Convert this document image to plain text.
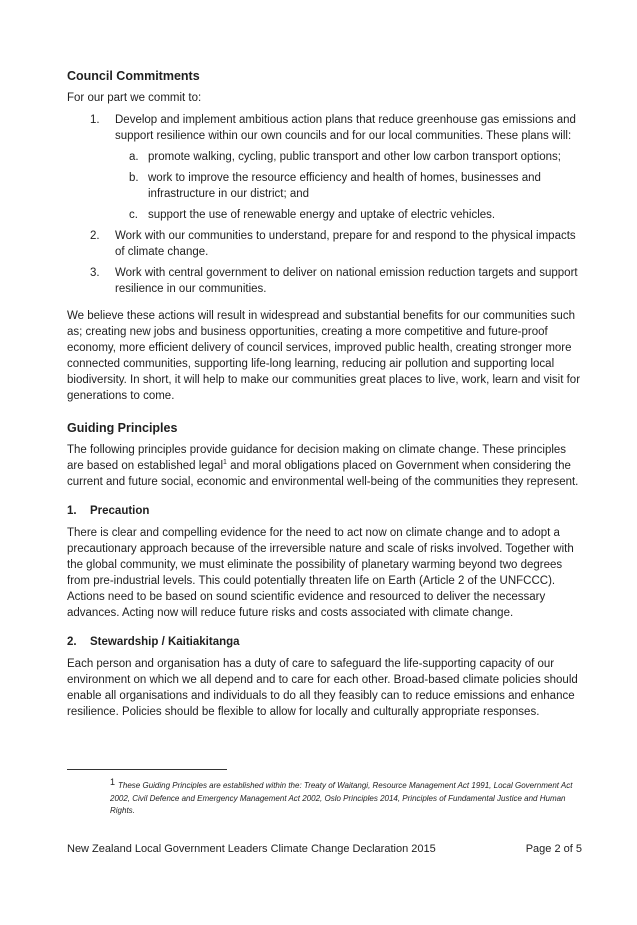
Council Commitments

For our part we commit to:

1. Develop and implement ambitious action plans that reduce greenhouse gas emissions and support resilience within our own councils and for our local communities. These plans will:
a. promote walking, cycling, public transport and other low carbon transport options;
b. work to improve the resource efficiency and health of homes, businesses and infrastructure in our district; and
c. support the use of renewable energy and uptake of electric vehicles.
2. Work with our communities to understand, prepare for and respond to the physical impacts of climate change.
3. Work with central government to deliver on national emission reduction targets and support resilience in our communities.

We believe these actions will result in widespread and substantial benefits for our communities such as; creating new jobs and business opportunities, creating a more competitive and future-proof economy, more efficient delivery of council services, improved public health, creating stronger more connected communities, supporting life-long learning, reducing air pollution and supporting local biodiversity. In short, it will help to make our communities great places to live, work, learn and visit for generations to come.

Guiding Principles

The following principles provide guidance for decision making on climate change. These principles are based on established legal$^1$ and moral obligations placed on Government when considering the current and future social, economic and environmental well-being of the communities they represent.

1.	Precaution

There is clear and compelling evidence for the need to act now on climate change and to adopt a precautionary approach because of the irreversible nature and scale of risks involved. Together with the global community, we must eliminate the possibility of planetary warming beyond two degrees from pre-industrial levels. This could potentially threaten life on Earth (Article 2 of the UNFCCC). Actions need to be based on sound scientific evidence and resourced to deliver the necessary advances. Acting now will reduce future risks and costs associated with climate change.

2.	Stewardship / Kaitiakitanga

Each person and organisation has a duty of care to safeguard the life-supporting capacity of our environment on which we all depend and to care for each other. Broad-based climate policies should enable all organisations and individuals to do all they feasibly can to reduce emissions and enhance resilience. Policies should be flexible to allow for locally and culturally appropriate responses.

1 These Guiding Principles are established within the: Treaty of Waitangi, Resource Management Act 1991, Local Government Act 2002, Civil Defence and Emergency Management Act 2002, Oslo Principles 2014, Principles of Fundamental Justice and Human Rights.
New Zealand Local Government Leaders Climate Change Declaration 2015	Page 2 of 5
